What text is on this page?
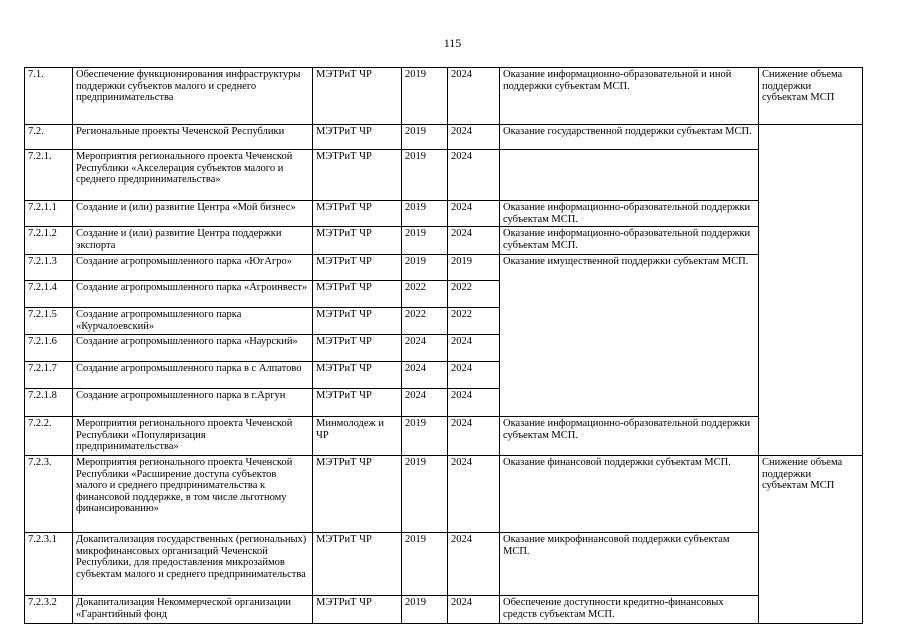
115
7.1.	Обеспечение функционирования инфраструктуры поддержки субъектов малого и среднего предпринимательства	МЭТРиТ ЧР	2019	2024	Оказание информационно-образовательной и иной поддержки субъектам МСП.	Снижение объема поддержки субъектам МСП
7.2.	Региональные проекты Чеченской Республики	МЭТРиТ ЧР	2019	2024	Оказание государственной поддержки субъектам МСП.	
7.2.1.	Мероприятия регионального проекта Чеченской Республики «Акселерация субъектов малого и среднего предпринимательства»	МЭТРиТ ЧР	2019	2024		
7.2.1.1	Создание и (или) развитие Центра «Мой бизнес»	МЭТРиТ ЧР	2019	2024	Оказание информационно-образовательной поддержки субъектам МСП.	
7.2.1.2	Создание и (или) развитие Центра поддержки экспорта	МЭТРиТ ЧР	2019	2024	Оказание информационно-образовательной поддержки субъектам МСП.	
7.2.1.3	Создание агропромышленного парка «ЮгАгро»	МЭТРиТ ЧР	2019	2019	Оказание имущественной поддержки субъектам МСП.	
7.2.1.4	Создание агропромышленного парка «Агроинвест»	МЭТРиТ ЧР	2022	2022		
7.2.1.5	Создание агропромышленного парка «Курчалоевский»	МЭТРиТ ЧР	2022	2022		
7.2.1.6	Создание агропромышленного парка «Наурский»	МЭТРиТ ЧР	2024	2024		
7.2.1.7	Создание агропромышленного парка в с Алпатово	МЭТРиТ ЧР	2024	2024		
7.2.1.8	Создание агропромышленного парка в г.Аргун	МЭТРиТ ЧР	2024	2024		
7.2.2.	Мероприятия регионального проекта Чеченской Республики «Популяризация предпринимательства»	Минмолодеж и ЧР	2019	2024	Оказание информационно-образовательной поддержки субъектам МСП.	
7.2.3.	Мероприятия регионального проекта Чеченской Республики «Расширение доступа субъектов малого и среднего предпринимательства к финансовой поддержке, в том числе льготному финансированию»	МЭТРиТ ЧР	2019	2024	Оказание финансовой поддержки субъектам МСП.	Снижение объема поддержки субъектам МСП
7.2.3.1	Докапитализация государственных (региональных) микрофинансовых организаций Чеченской Республики, для предоставления микрозаймов субъектам малого и среднего предпринимательства	МЭТРиТ ЧР	2019	2024	Оказание микрофинансовой поддержки субъектам МСП.	
7.2.3.2	Докапитализация Некоммерческой организации «Гарантийный фонд	МЭТРиТ ЧР	2019	2024	Обеспечение доступности кредитно-финансовых средств субъектам МСП.	
